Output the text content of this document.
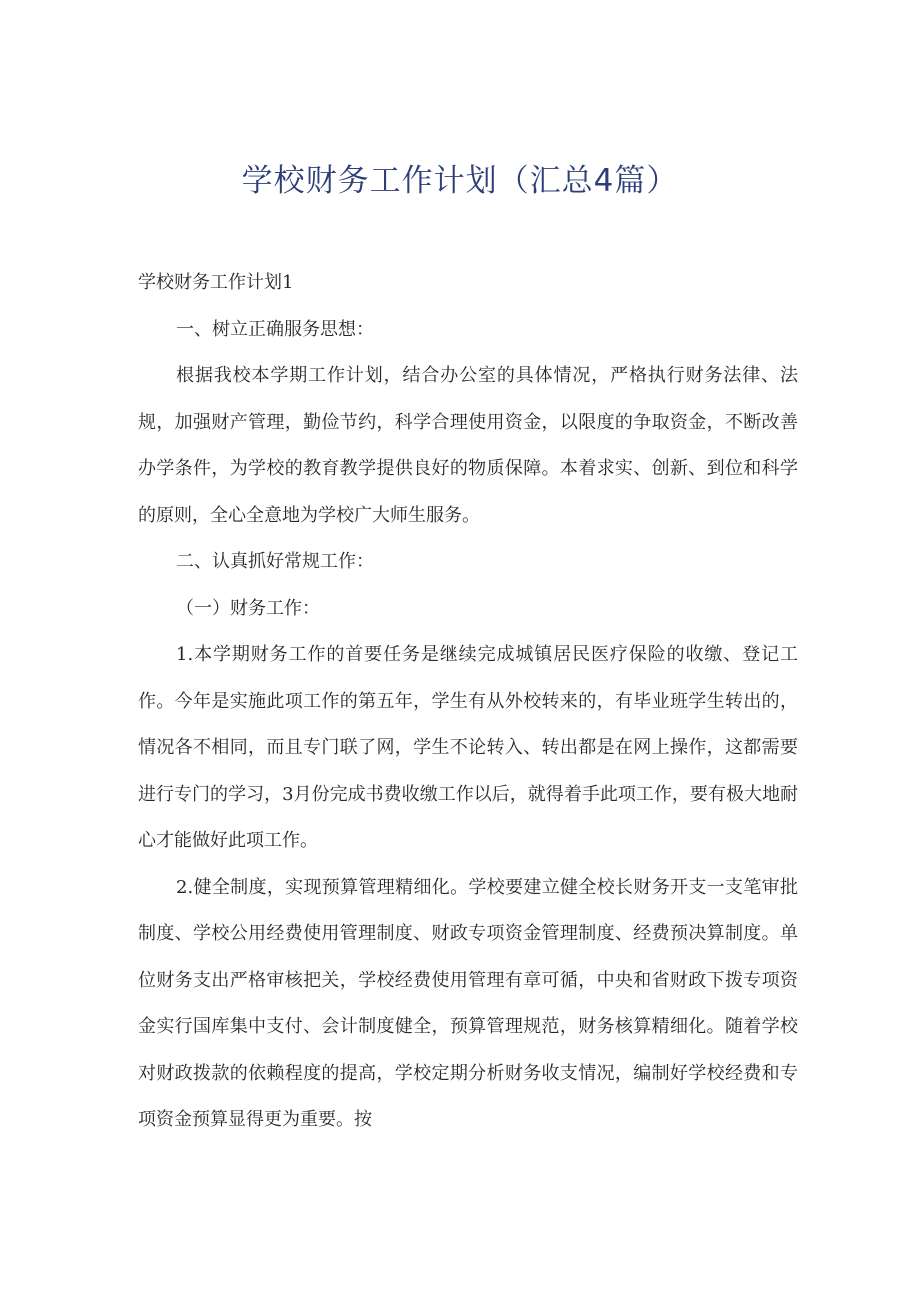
学校财务工作计划（汇总4篇）

学校财务工作计划1

一、树立正确服务思想：

根据我校本学期工作计划，结合办公室的具体情况，严格执行财务法律、法规，加强财产管理，勤俭节约，科学合理使用资金，以限度的争取资金，不断改善办学条件，为学校的教育教学提供良好的物质保障。本着求实、创新、到位和科学的原则，全心全意地为学校广大师生服务。

二、认真抓好常规工作：

（一）财务工作：

1.本学期财务工作的首要任务是继续完成城镇居民医疗保险的收缴、登记工作。今年是实施此项工作的第五年，学生有从外校转来的，有毕业班学生转出的，情况各不相同，而且专门联了网，学生不论转入、转出都是在网上操作，这都需要进行专门的学习，3月份完成书费收缴工作以后，就得着手此项工作，要有极大地耐心才能做好此项工作。

2.健全制度，实现预算管理精细化。学校要建立健全校长财务开支一支笔审批制度、学校公用经费使用管理制度、财政专项资金管理制度、经费预决算制度。单位财务支出严格审核把关，学校经费使用管理有章可循，中央和省财政下拨专项资金实行国库集中支付、会计制度健全，预算管理规范，财务核算精细化。随着学校对财政拨款的依赖程度的提高，学校定期分析财务收支情况，编制好学校经费和专项资金预算显得更为重要。按
